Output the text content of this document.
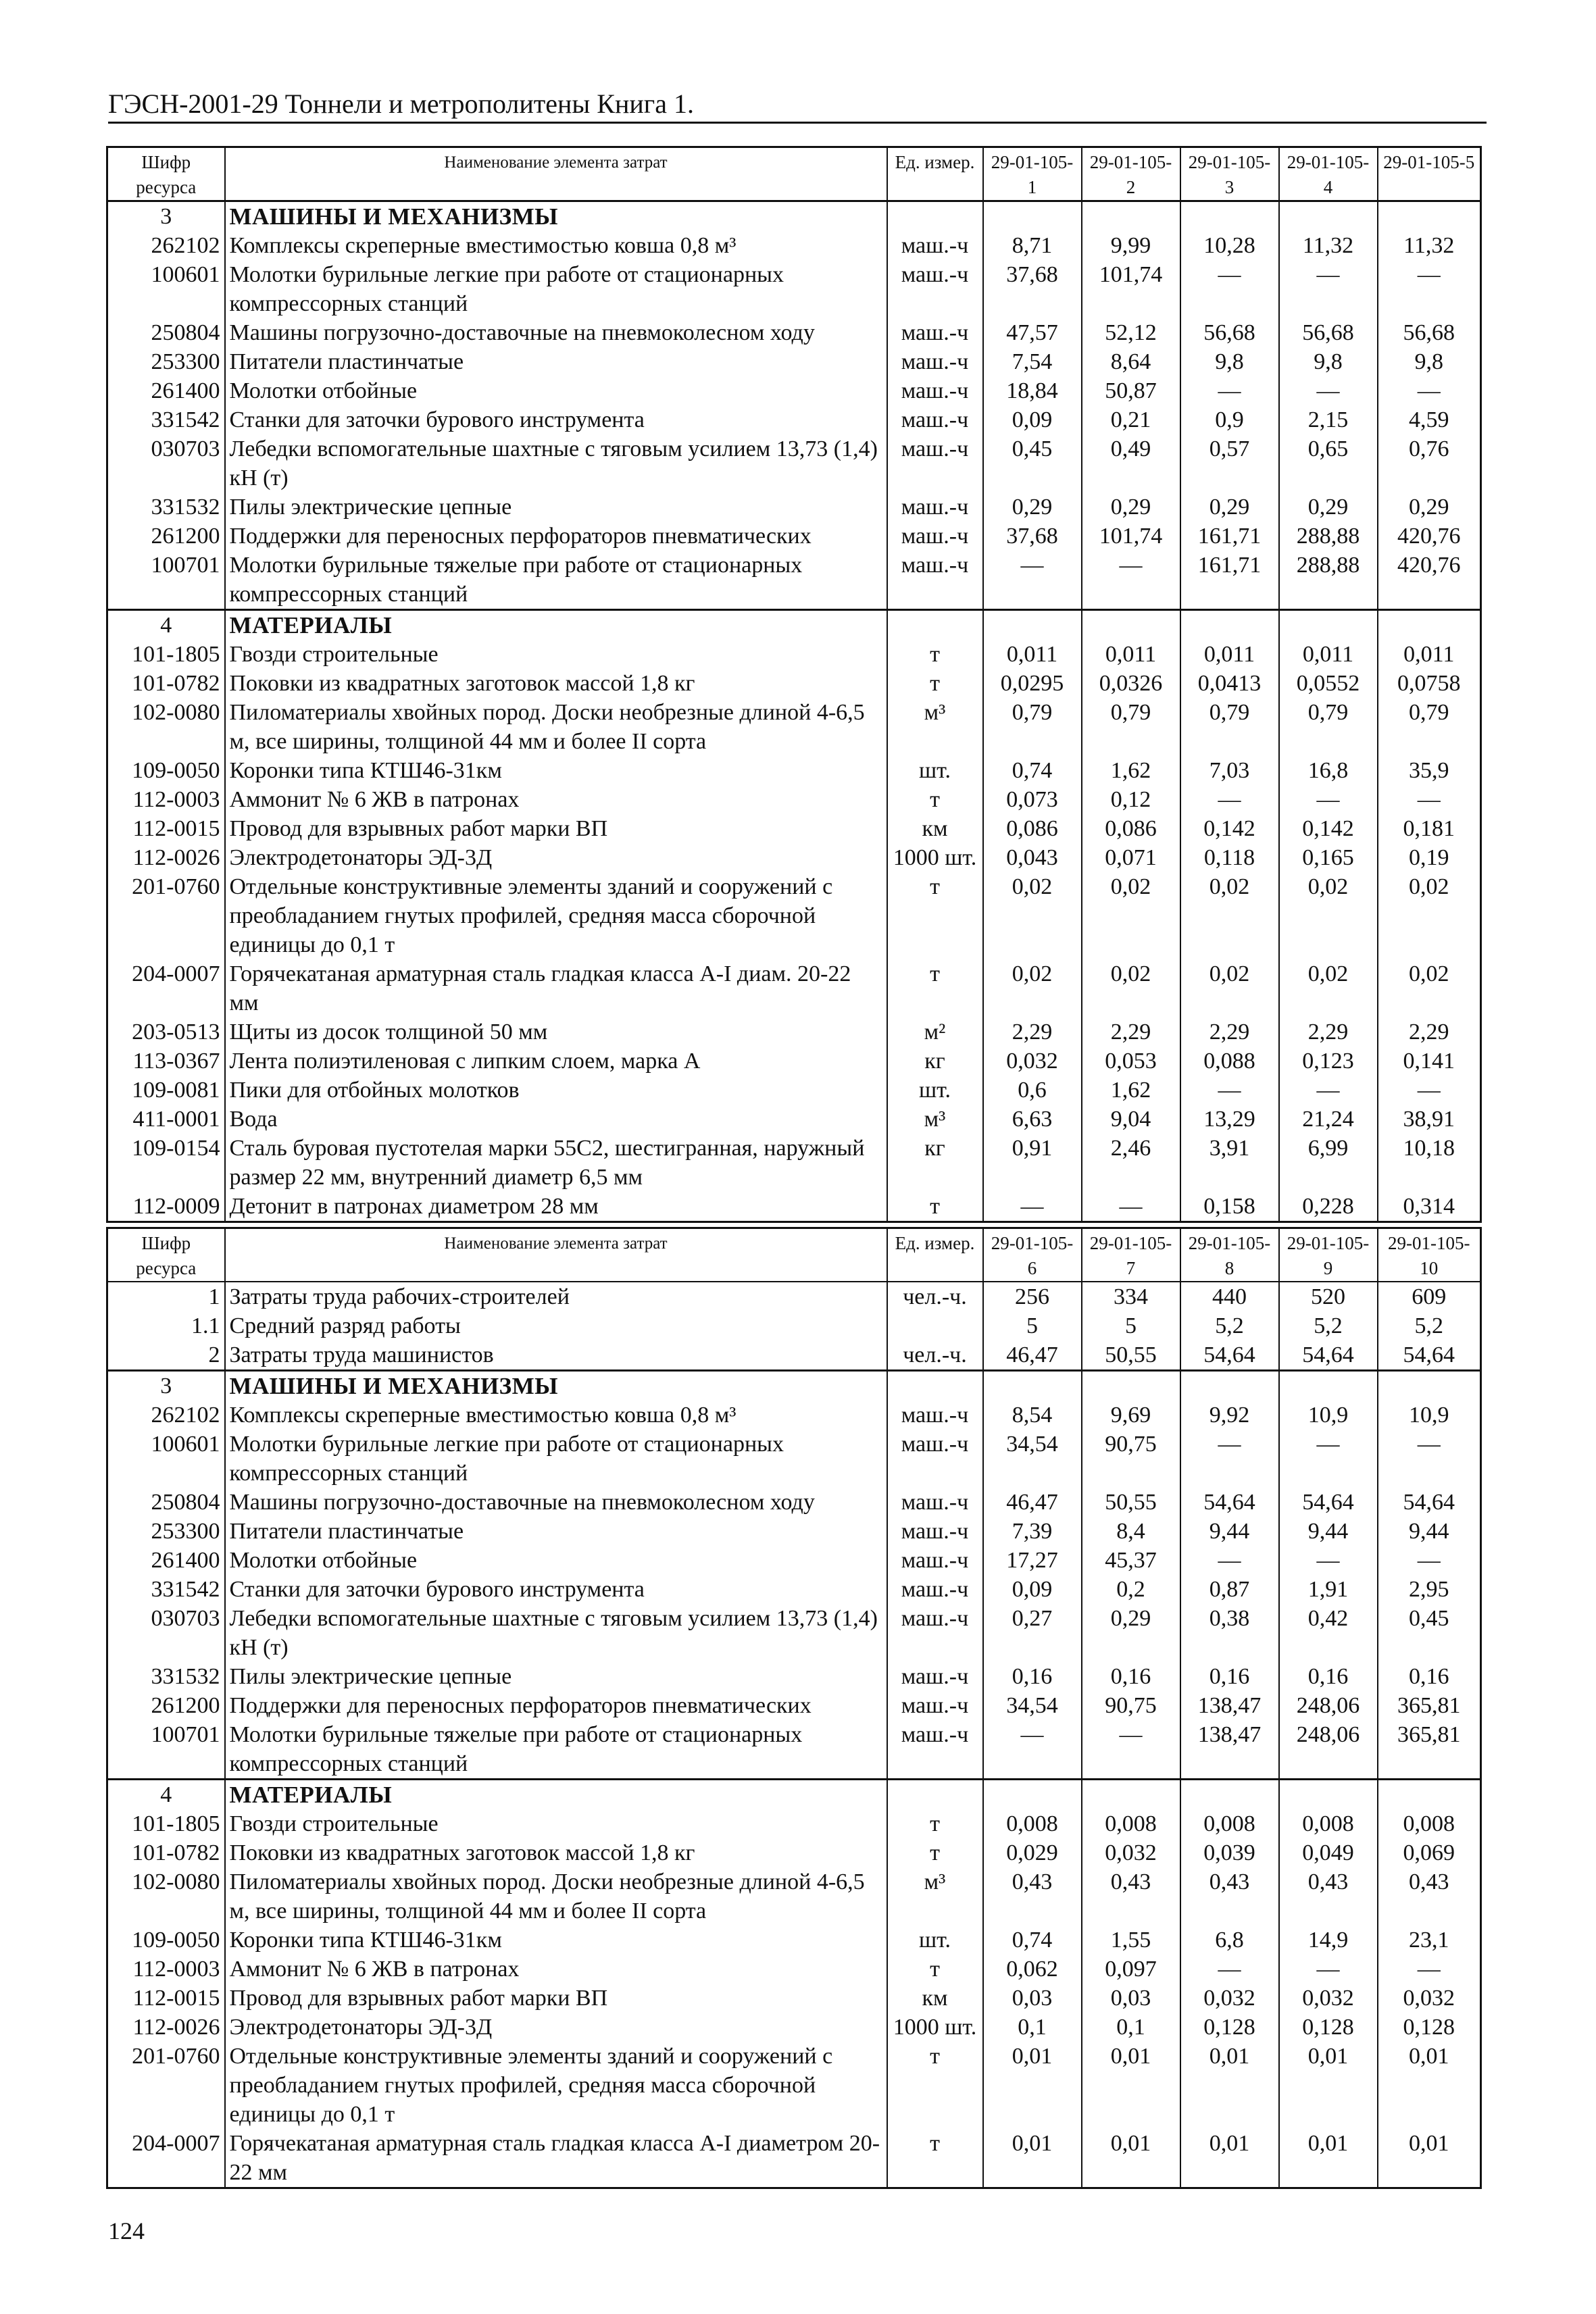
ГЭСН-2001-29 Тоннели и метрополитены Книга 1.
Шифр ресурса	Наименование элемента затрат	Ед. измер.	29-01-105-1	29-01-105-2	29-01-105-3	29-01-105-4	29-01-105-5
3	МАШИНЫ И МЕХАНИЗМЫ						
262102	Комплексы скреперные вместимостью ковша 0,8 м³	маш.-ч	8,71	9,99	10,28	11,32	11,32
100601	Молотки бурильные легкие при работе от стационарных компрессорных станций	маш.-ч	37,68	101,74	—	—	—
250804	Машины погрузочно-доставочные на пневмоколесном ходу	маш.-ч	47,57	52,12	56,68	56,68	56,68
253300	Питатели пластинчатые	маш.-ч	7,54	8,64	9,8	9,8	9,8
261400	Молотки отбойные	маш.-ч	18,84	50,87	—	—	—
331542	Станки для заточки бурового инструмента	маш.-ч	0,09	0,21	0,9	2,15	4,59
030703	Лебедки вспомогательные шахтные с тяговым усилием 13,73 (1,4) кН (т)	маш.-ч	0,45	0,49	0,57	0,65	0,76
331532	Пилы электрические цепные	маш.-ч	0,29	0,29	0,29	0,29	0,29
261200	Поддержки для переносных перфораторов пневматических	маш.-ч	37,68	101,74	161,71	288,88	420,76
100701	Молотки бурильные тяжелые при работе от стационарных компрессорных станций	маш.-ч	—	—	161,71	288,88	420,76
4	МАТЕРИАЛЫ						
101-1805	Гвозди строительные	т	0,011	0,011	0,011	0,011	0,011
101-0782	Поковки из квадратных заготовок массой 1,8 кг	т	0,0295	0,0326	0,0413	0,0552	0,0758
102-0080	Пиломатериалы хвойных пород. Доски необрезные длиной 4-6,5 м, все ширины, толщиной 44 мм и более II сорта	м³	0,79	0,79	0,79	0,79	0,79
109-0050	Коронки типа КТШ46-31км	шт.	0,74	1,62	7,03	16,8	35,9
112-0003	Аммонит № 6 ЖВ в патронах	т	0,073	0,12	—	—	—
112-0015	Провод для взрывных работ марки ВП	км	0,086	0,086	0,142	0,142	0,181
112-0026	Электродетонаторы ЭД-3Д	1000 шт.	0,043	0,071	0,118	0,165	0,19
201-0760	Отдельные конструктивные элементы зданий и сооружений с преобладанием гнутых профилей, средняя масса сборочной единицы до 0,1 т	т	0,02	0,02	0,02	0,02	0,02
204-0007	Горячекатаная арматурная сталь гладкая класса A-I диам. 20-22 мм	т	0,02	0,02	0,02	0,02	0,02
203-0513	Щиты из досок толщиной 50 мм	м²	2,29	2,29	2,29	2,29	2,29
113-0367	Лента полиэтиленовая с липким слоем, марка А	кг	0,032	0,053	0,088	0,123	0,141
109-0081	Пики для отбойных молотков	шт.	0,6	1,62	—	—	—
411-0001	Вода	м³	6,63	9,04	13,29	21,24	38,91
109-0154	Сталь буровая пустотелая марки 55С2, шестигранная, наружный размер 22 мм, внутренний диаметр 6,5 мм	кг	0,91	2,46	3,91	6,99	10,18
112-0009	Детонит в патронах диаметром 28 мм	т	—	—	0,158	0,228	0,314
Шифр ресурса	Наименование элемента затрат	Ед. измер.	29-01-105-6	29-01-105-7	29-01-105-8	29-01-105-9	29-01-105-10
1	Затраты труда рабочих-строителей	чел.-ч.	256	334	440	520	609
1.1	Средний разряд работы		5	5	5,2	5,2	5,2
2	Затраты труда машинистов	чел.-ч.	46,47	50,55	54,64	54,64	54,64
3	МАШИНЫ И МЕХАНИЗМЫ						
262102	Комплексы скреперные вместимостью ковша 0,8 м³	маш.-ч	8,54	9,69	9,92	10,9	10,9
100601	Молотки бурильные легкие при работе от стационарных компрессорных станций	маш.-ч	34,54	90,75	—	—	—
250804	Машины погрузочно-доставочные на пневмоколесном ходу	маш.-ч	46,47	50,55	54,64	54,64	54,64
253300	Питатели пластинчатые	маш.-ч	7,39	8,4	9,44	9,44	9,44
261400	Молотки отбойные	маш.-ч	17,27	45,37	—	—	—
331542	Станки для заточки бурового инструмента	маш.-ч	0,09	0,2	0,87	1,91	2,95
030703	Лебедки вспомогательные шахтные с тяговым усилием 13,73 (1,4) кН (т)	маш.-ч	0,27	0,29	0,38	0,42	0,45
331532	Пилы электрические цепные	маш.-ч	0,16	0,16	0,16	0,16	0,16
261200	Поддержки для переносных перфораторов пневматических	маш.-ч	34,54	90,75	138,47	248,06	365,81
100701	Молотки бурильные тяжелые при работе от стационарных компрессорных станций	маш.-ч	—	—	138,47	248,06	365,81
4	МАТЕРИАЛЫ						
101-1805	Гвозди строительные	т	0,008	0,008	0,008	0,008	0,008
101-0782	Поковки из квадратных заготовок массой 1,8 кг	т	0,029	0,032	0,039	0,049	0,069
102-0080	Пиломатериалы хвойных пород. Доски необрезные длиной 4-6,5 м, все ширины, толщиной 44 мм и более II сорта	м³	0,43	0,43	0,43	0,43	0,43
109-0050	Коронки типа КТШ46-31км	шт.	0,74	1,55	6,8	14,9	23,1
112-0003	Аммонит № 6 ЖВ в патронах	т	0,062	0,097	—	—	—
112-0015	Провод для взрывных работ марки ВП	км	0,03	0,03	0,032	0,032	0,032
112-0026	Электродетонаторы ЭД-3Д	1000 шт.	0,1	0,1	0,128	0,128	0,128
201-0760	Отдельные конструктивные элементы зданий и сооружений с преобладанием гнутых профилей, средняя масса сборочной единицы до 0,1 т	т	0,01	0,01	0,01	0,01	0,01
204-0007	Горячекатаная арматурная сталь гладкая класса A-I диаметром 20-22 мм	т	0,01	0,01	0,01	0,01	0,01
124
